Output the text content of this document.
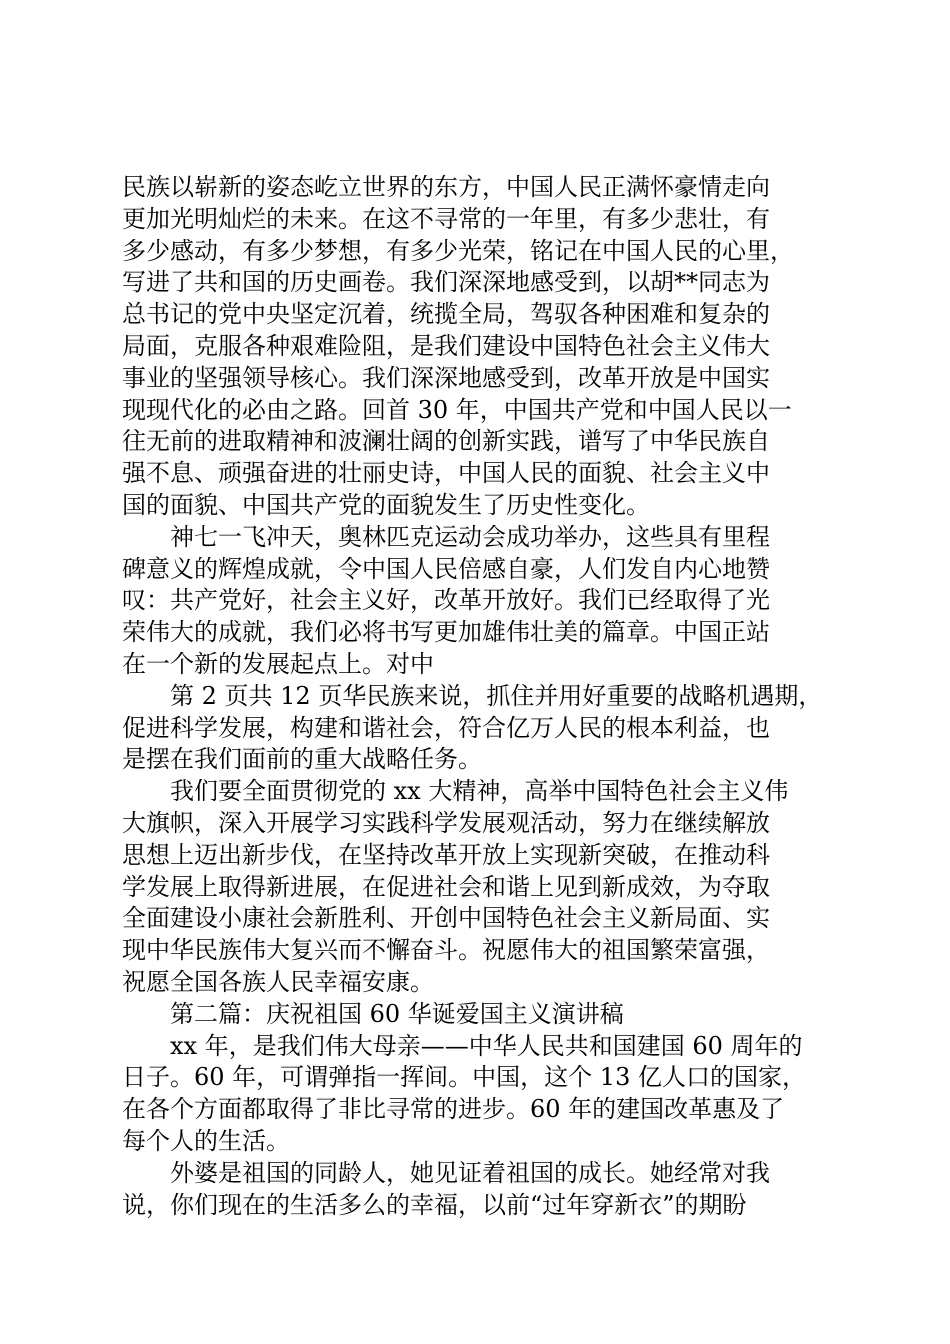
民族以崭新的姿态屹立世界的东方，中国人民正满怀豪情走向
更加光明灿烂的未来。在这不寻常的一年里，有多少悲壮，有
多少感动，有多少梦想，有多少光荣，铭记在中国人民的心里，
写进了共和国的历史画卷。我们深深地感受到，以胡**同志为
总书记的党中央坚定沉着，统揽全局，驾驭各种困难和复杂的
局面，克服各种艰难险阻，是我们建设中国特色社会主义伟大
事业的坚强领导核心。我们深深地感受到，改革开放是中国实
现现代化的必由之路。回首 30 年，中国共产党和中国人民以一
往无前的进取精神和波澜壮阔的创新实践，谱写了中华民族自
强不息、顽强奋进的壮丽史诗，中国人民的面貌、社会主义中
国的面貌、中国共产党的面貌发生了历史性变化。
　　神七一飞冲天，奥林匹克运动会成功举办，这些具有里程
碑意义的辉煌成就，令中国人民倍感自豪，人们发自内心地赞
叹：共产党好，社会主义好，改革开放好。我们已经取得了光
荣伟大的成就，我们必将书写更加雄伟壮美的篇章。中国正站
在一个新的发展起点上。对中
　　第 2 页共 12 页华民族来说，抓住并用好重要的战略机遇期，
促进科学发展，构建和谐社会，符合亿万人民的根本利益，也
是摆在我们面前的重大战略任务。
　　我们要全面贯彻党的 xx 大精神，高举中国特色社会主义伟
大旗帜，深入开展学习实践科学发展观活动，努力在继续解放
思想上迈出新步伐，在坚持改革开放上实现新突破，在推动科
学发展上取得新进展，在促进社会和谐上见到新成效，为夺取
全面建设小康社会新胜利、开创中国特色社会主义新局面、实
现中华民族伟大复兴而不懈奋斗。祝愿伟大的祖国繁荣富强，
祝愿全国各族人民幸福安康。
　　第二篇：庆祝祖国 60 华诞爱国主义演讲稿
　　xx 年，是我们伟大母亲——中华人民共和国建国 60 周年的
日子。60 年，可谓弹指一挥间。中国，这个 13 亿人口的国家，
在各个方面都取得了非比寻常的进步。60 年的建国改革惠及了
每个人的生活。
　　外婆是祖国的同龄人，她见证着祖国的成长。她经常对我
说，你们现在的生活多么的幸福，以前“过年穿新衣”的期盼
